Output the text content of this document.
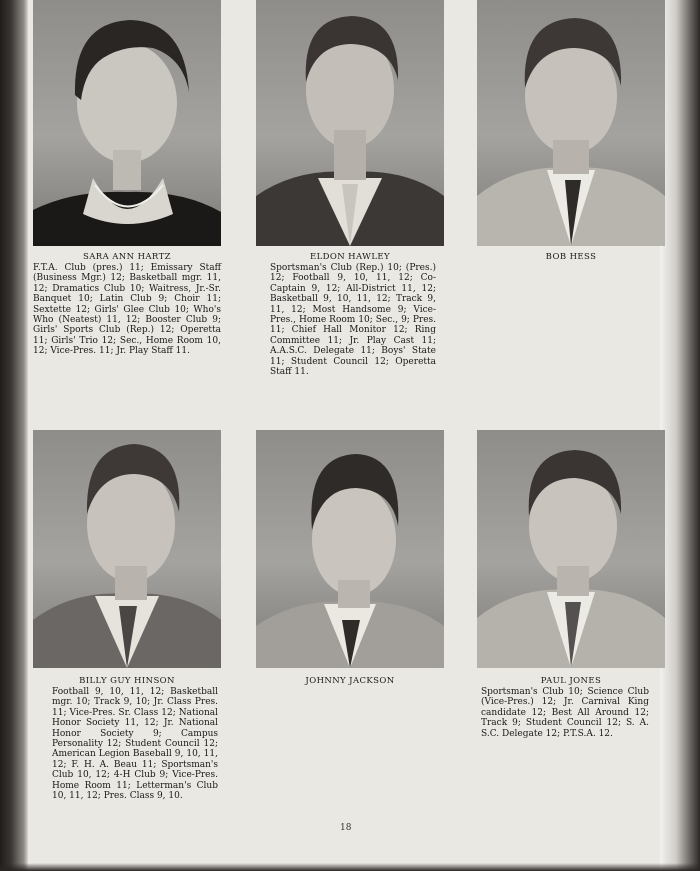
SARA ANN HARTZ
F.T.A. Club (pres.) 11; Emissary Staff (Business Mgr.) 12; Basketball mgr. 11, 12; Dramatics Club 10; Waitress, Jr.-Sr. Banquet 10; Latin Club 9; Choir 11; Sextette 12; Girls' Glee Club 10; Who's Who (Neatest) 11, 12; Booster Club 9; Girls' Sports Club (Rep.) 12; Operetta 11; Girls' Trio 12; Sec., Home Room 10, 12; Vice-Pres. 11; Jr. Play Staff 11.
ELDON HAWLEY
Sportsman's Club (Rep.) 10; (Pres.) 12; Football 9, 10, 11, 12; Co-Captain 9, 12; All-District 11, 12; Basketball 9, 10, 11, 12; Track 9, 11, 12; Most Handsome 9; Vice-Pres., Home Room 10; Sec., 9; Pres. 11; Chief Hall Monitor 12; Ring Committee 11; Jr. Play Cast 11; A.A.S.C. Delegate 11; Boys' State 11; Student Council 12; Operetta Staff 11.
BOB HESS
BILLY GUY HINSON
Football 9, 10, 11, 12; Basketball mgr. 10; Track 9, 10; Jr. Class Pres. 11; Vice-Pres. Sr. Class 12; National Honor Society 11, 12; Jr. National Honor Society 9; Campus Personality 12; Student Council 12; American Legion Baseball 9, 10, 11, 12; F. H. A. Beau 11; Sportsman's Club 10, 12; 4-H Club 9; Vice-Pres. Home Room 11; Letterman's Club 10, 11, 12; Pres. Class 9, 10.
JOHNNY JACKSON	PAUL JONES
Sportsman's Club 10; Science Club (Vice-Pres.) 12; Jr. Carnival King candidate 12; Best All Around 12; Track 9; Student Council 12; S. A. S.C. Delegate 12; P.T.S.A. 12.
18
